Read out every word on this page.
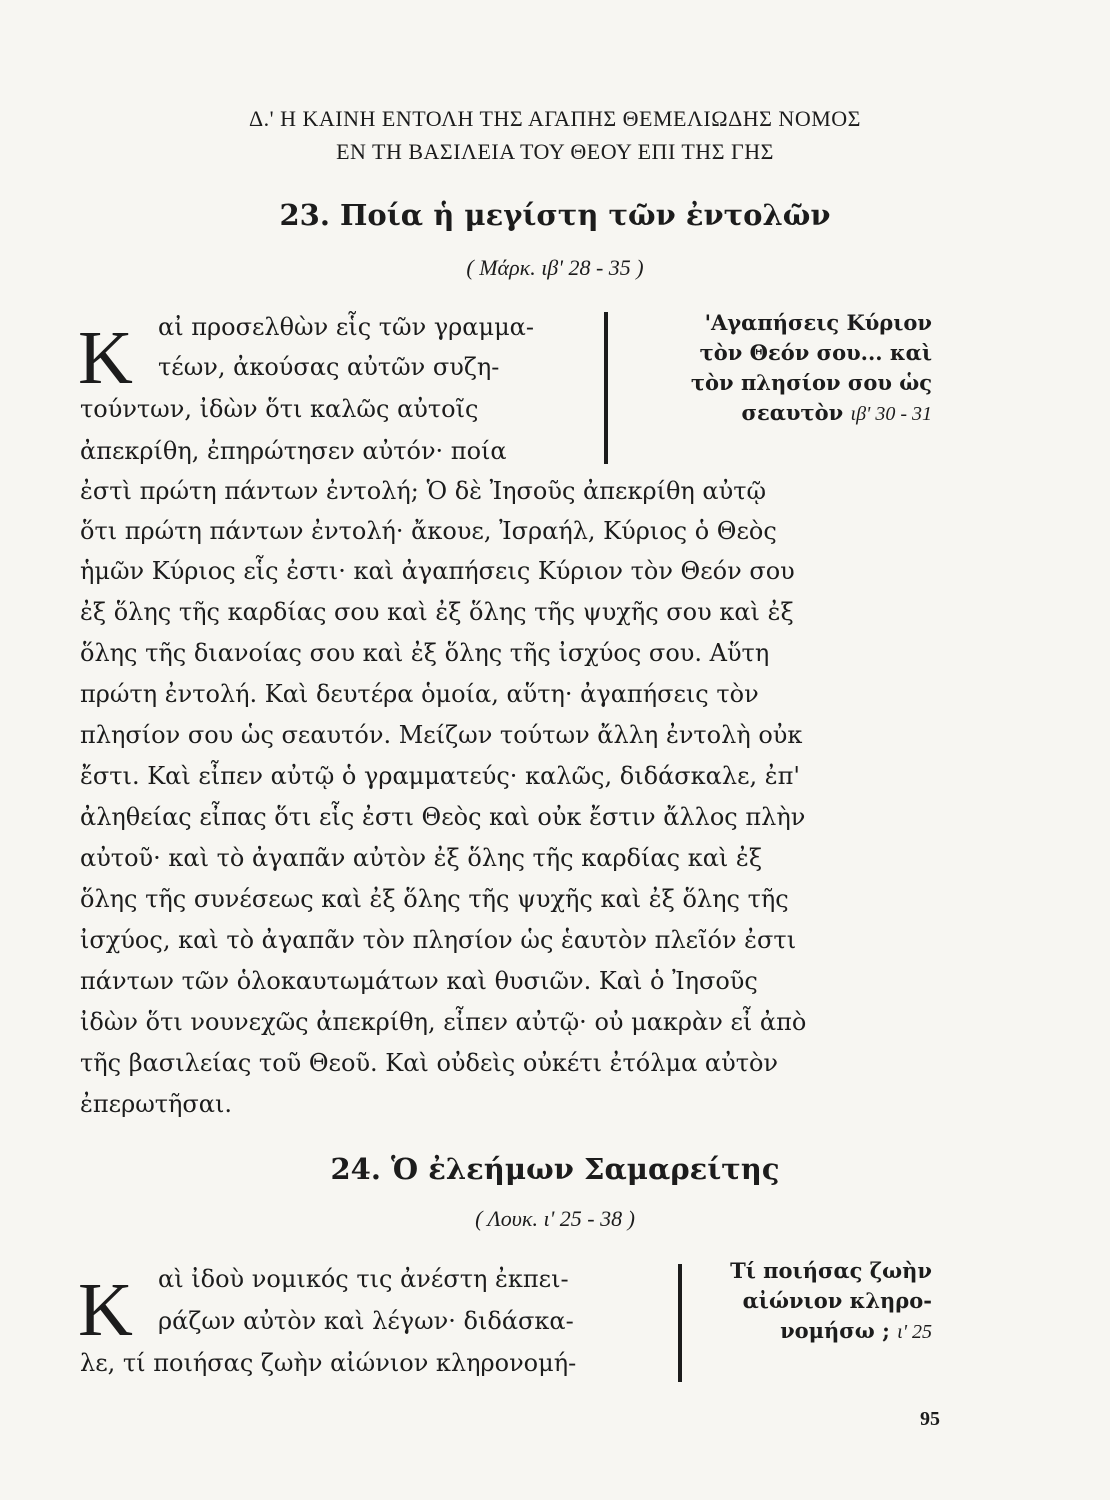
Δ.' Η ΚΑΙΝΗ ΕΝΤΟΛΗ ΤΗΣ ΑΓΑΠΗΣ ΘΕΜΕΛΙΩΔΗΣ ΝΟΜΟΣ
ΕΝ ΤΗ ΒΑΣΙΛΕΙΑ ΤΟΥ ΘΕΟΥ ΕΠΙ ΤΗΣ ΓΗΣ
23. Ποία ἡ μεγίστη τῶν ἐντολῶν
( Μάρκ. ιβ' 28 - 35 )
Κ αἰ προσελθὼν εἷς τῶν γραμμα-
τέων, ἀκούσας αὐτῶν συζη-
τούντων, ἰδὼν ὅτι καλῶς αὐτοῖς
ἀπεκρίθη, ἐπηρώτησεν αὐτόν· ποία
'Αγαπήσεις Κύριον
τὸν Θεόν σου... καὶ
τὸν πλησίον σου ὡς
σεαυτὸν ιβ' 30 - 31
ἐστὶ πρώτη πάντων ἐντολή; Ὁ δὲ Ἰησοῦς ἀπεκρίθη αὐτῷ
ὅτι πρώτη πάντων ἐντολή· ἄκουε, Ἰσραήλ, Κύριος ὁ Θεὸς
ἡμῶν Κύριος εἷς ἐστι· καὶ ἀγαπήσεις Κύριον τὸν Θεόν σου
ἐξ ὅλης τῆς καρδίας σου καὶ ἐξ ὅλης τῆς ψυχῆς σου καὶ ἐξ
ὅλης τῆς διανοίας σου καὶ ἐξ ὅλης τῆς ἰσχύος σου. Αὕτη
πρώτη ἐντολή. Καὶ δευτέρα ὁμοία, αὕτη· ἀγαπήσεις τὸν
πλησίον σου ὡς σεαυτόν. Μείζων τούτων ἄλλη ἐντολὴ οὐκ
ἔστι. Καὶ εἶπεν αὐτῷ ὁ γραμματεύς· καλῶς, διδάσκαλε, ἐπ'
ἀληθείας εἶπας ὅτι εἷς ἐστι Θεὸς καὶ οὐκ ἔστιν ἄλλος πλὴν
αὐτοῦ· καὶ τὸ ἀγαπᾶν αὐτὸν ἐξ ὅλης τῆς καρδίας καὶ ἐξ
ὅλης τῆς συνέσεως καὶ ἐξ ὅλης τῆς ψυχῆς καὶ ἐξ ὅλης τῆς
ἰσχύος, καὶ τὸ ἀγαπᾶν τὸν πλησίον ὡς ἑαυτὸν πλεῖόν ἐστι
πάντων τῶν ὁλοκαυτωμάτων καὶ θυσιῶν. Καὶ ὁ Ἰησοῦς
ἰδὼν ὅτι νουνεχῶς ἀπεκρίθη, εἶπεν αὐτῷ· οὐ μακρὰν εἶ ἀπὸ
τῆς βασιλείας τοῦ Θεοῦ. Καὶ οὐδεὶς οὐκέτι ἐτόλμα αὐτὸν
ἐπερωτῆσαι.
24. Ὁ ἐλεήμων Σαμαρείτης
( Λουκ. ι' 25 - 38 )
Κ αὶ ἰδοὺ νομικός τις ἀνέστη ἐκπει-
ράζων αὐτὸν καὶ λέγων· διδάσκα-
λε, τί ποιήσας ζωὴν αἰώνιον κληρονομή-
Τί ποιήσας ζωὴν
αἰώνιον κληρο-
νομήσω ; ι' 25
95
